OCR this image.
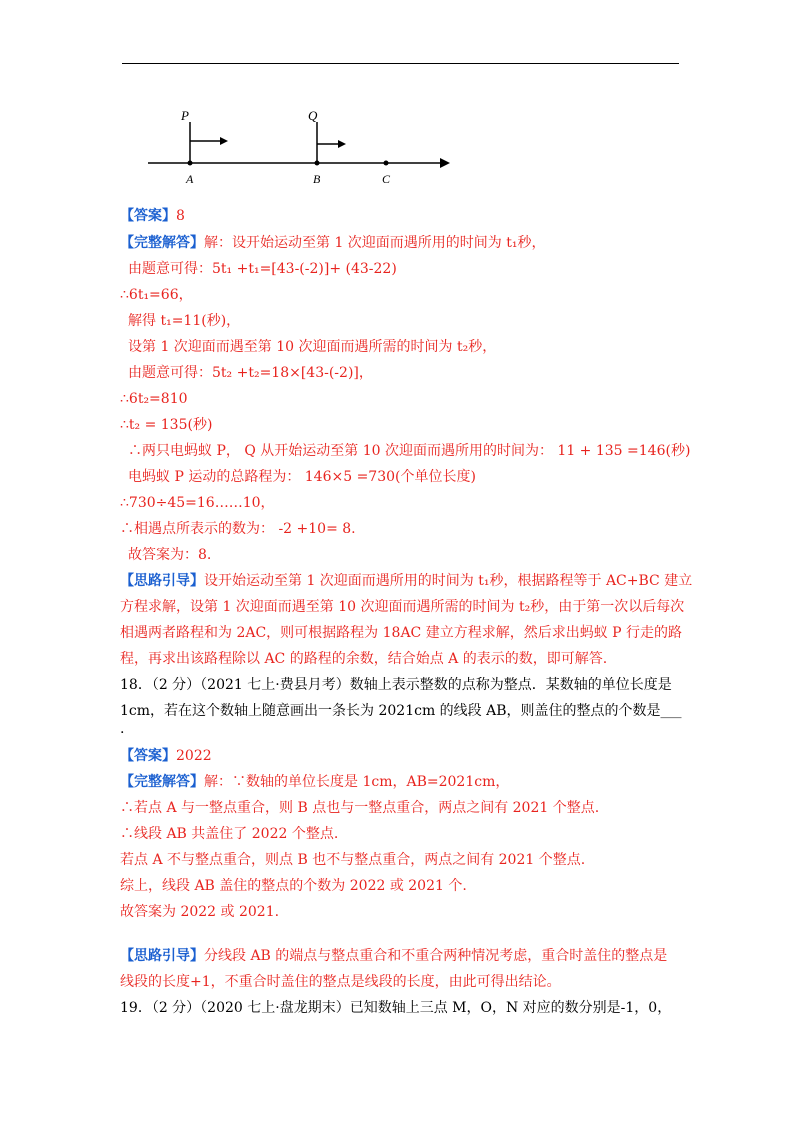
P	Q
A	B	C
【答案】8
【完整解答】解：设开始运动至第 1 次迎面而遇所用的时间为 t₁秒，
由题意可得：5t₁ +t₁=[43-(-2)]+ (43-22)
∴6t₁=66，
解得 t₁=11(秒)，
设第 1 次迎面而遇至第 10 次迎面而遇所需的时间为 t₂秒，
由题意可得：5t₂ +t₂=18×[43-(-2)]，
∴6t₂=810
∴t₂ = 135(秒)
∴两只电蚂蚁 P， Q 从开始运动至第 10 次迎面而遇所用的时间为： 11 + 135 =146(秒)
电蚂蚁 P 运动的总路程为： 146×5 =730(个单位长度)
∴730÷45=16……10，
∴相遇点所表示的数为： -2 +10= 8.
故答案为：8.
【思路引导】设开始运动至第 1 次迎面而遇所用的时间为 t₁秒，根据路程等于 AC+BC 建立
方程求解，设第 1 次迎面而遇至第 10 次迎面而遇所需的时间为 t₂秒，由于第一次以后每次
相遇两者路程和为 2AC，则可根据路程为 18AC 建立方程求解，然后求出蚂蚁 P 行走的路
程，再求出该路程除以 AC 的路程的余数，结合始点 A 的表示的数，即可解答.
18．（2 分）（2021 七上·费县月考）数轴上表示整数的点称为整点．某数轴的单位长度是
1cm，若在这个数轴上随意画出一条长为 2021cm 的线段 AB，则盖住的整点的个数是___
.
【答案】2022
【完整解答】解：∵数轴的单位长度是 1cm，AB=2021cm，
∴若点 A 与一整点重合，则 B 点也与一整点重合，两点之间有 2021 个整点.
∴线段 AB 共盖住了 2022 个整点.
若点 A 不与整点重合，则点 B 也不与整点重合，两点之间有 2021 个整点.
综上，线段 AB 盖住的整点的个数为 2022 或 2021 个.
故答案为 2022 或 2021.
【思路引导】分线段 AB 的端点与整点重合和不重合两种情况考虑，重合时盖住的整点是
线段的长度+1，不重合时盖住的整点是线段的长度，由此可得出结论。
19．（2 分）（2020 七上·盘龙期末）已知数轴上三点 M，O，N 对应的数分别是-1，0，
